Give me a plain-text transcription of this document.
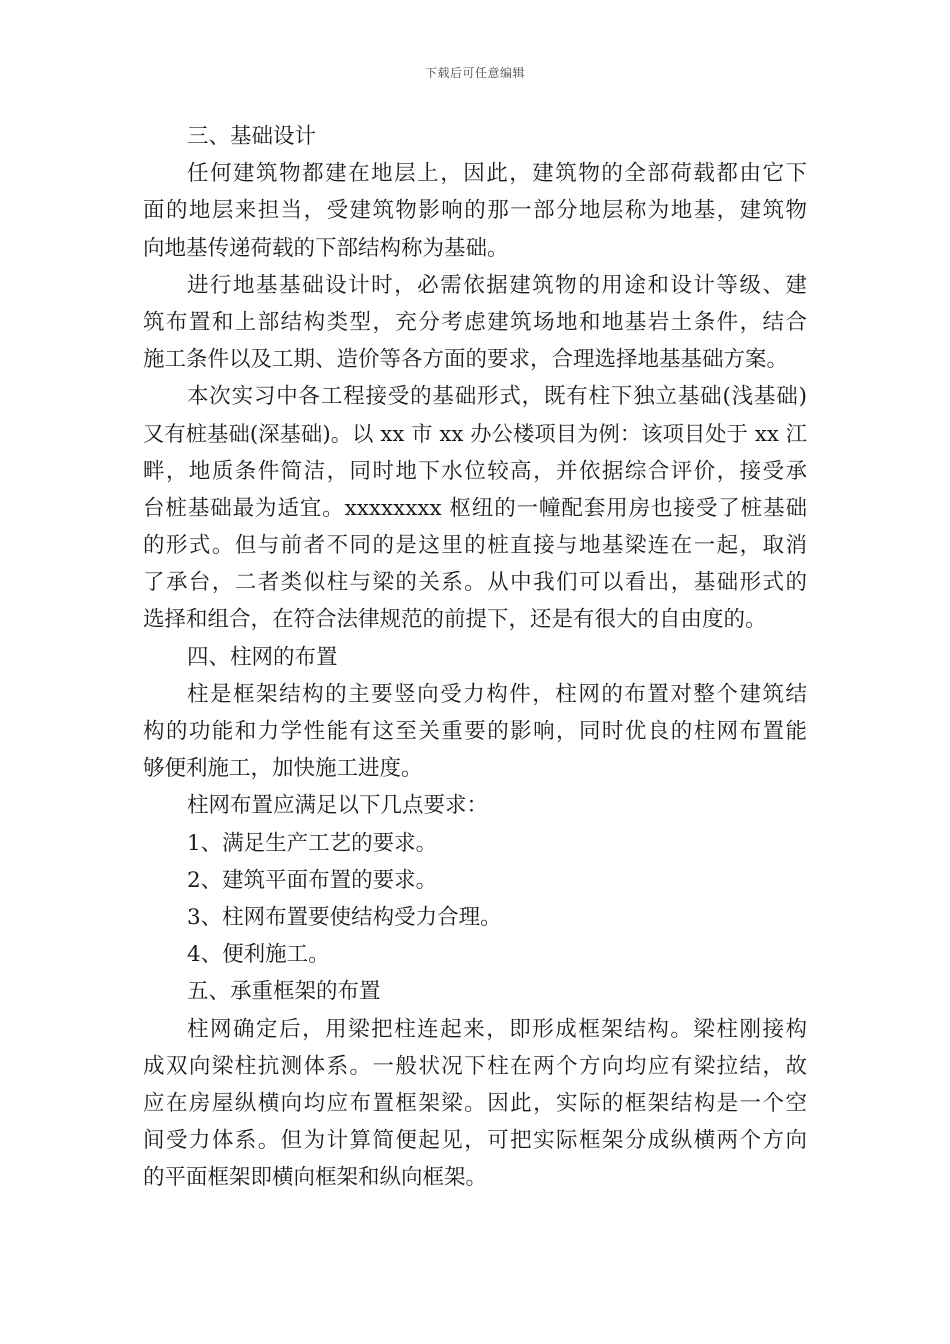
下载后可任意编辑
三、基础设计
任何建筑物都建在地层上，因此，建筑物的全部荷载都由它下
面的地层来担当，受建筑物影响的那一部分地层称为地基，建筑物
向地基传递荷载的下部结构称为基础。
进行地基基础设计时，必需依据建筑物的用途和设计等级、建
筑布置和上部结构类型，充分考虑建筑场地和地基岩土条件，结合
施工条件以及工期、造价等各方面的要求，合理选择地基基础方案。
本次实习中各工程接受的基础形式，既有柱下独立基础(浅基础)
又有桩基础(深基础)。以 xx 市 xx 办公楼项目为例：该项目处于 xx 江
畔，地质条件简洁，同时地下水位较高，并依据综合评价，接受承
台桩基础最为适宜。xxxxxxxx 枢纽的一幢配套用房也接受了桩基础
的形式。但与前者不同的是这里的桩直接与地基梁连在一起，取消
了承台，二者类似柱与梁的关系。从中我们可以看出，基础形式的
选择和组合，在符合法律规范的前提下，还是有很大的自由度的。
四、柱网的布置
柱是框架结构的主要竖向受力构件，柱网的布置对整个建筑结
构的功能和力学性能有这至关重要的影响，同时优良的柱网布置能
够便利施工，加快施工进度。
柱网布置应满足以下几点要求：
1、满足生产工艺的要求。
2、建筑平面布置的要求。
3、柱网布置要使结构受力合理。
4、便利施工。
五、承重框架的布置
柱网确定后，用梁把柱连起来，即形成框架结构。梁柱刚接构
成双向梁柱抗测体系。一般状况下柱在两个方向均应有梁拉结，故
应在房屋纵横向均应布置框架梁。因此，实际的框架结构是一个空
间受力体系。但为计算简便起见，可把实际框架分成纵横两个方向
的平面框架即横向框架和纵向框架。
